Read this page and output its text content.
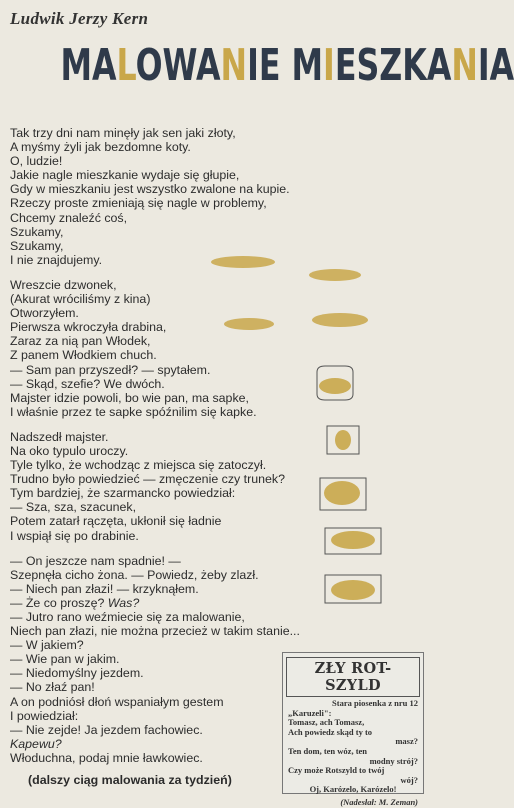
Ludwik Jerzy Kern
MALOWANIE MIESZKANIA
Tak trzy dni nam minęły jak sen jaki złoty,
A myśmy żyli jak bezdomne koty.
O, ludzie!
Jakie nagle mieszkanie wydaje się głupie,
Gdy w mieszkaniu jest wszystko zwalone na kupie.
Rzeczy proste zmieniają się nagle w problemy,
Chcemy znaleźć coś,
Szukamy,
Szukamy,
I nie znajdujemy.
Wreszcie dzwonek,
(Akurat wróciliśmy z kina)
Otworzyłem.
Pierwsza wkroczyła drabina,
Zaraz za nią pan Włodek,
Z panem Włodkiem chuch.
— Sam pan przyszedł? — spytałem.
— Skąd, szefie? We dwóch.
Majster idzie powoli, bo wie pan, ma sapke,
I właśnie przez te sapke spóźnilim się kapke.
Nadszedł majster.
Na oko typulo uroczy.
Tyle tylko, że wchodząc z miejsca się zatoczył.
Trudno było powiedzieć — zmęczenie czy trunek?
Tym bardziej, że szarmancko powiedział:
— Sza, sza, szacunek,
Potem zatarł rączęta, ukłonił się ładnie
I wspiął się po drabinie.
— On jeszcze nam spadnie! —
Szepnęła cicho żona. — Powiedz, żeby zlazł.
— Niech pan złazi! — krzyknąłem.
— Że co proszę? Was?
— Jutro rano weźmiecie się za malowanie,
Niech pan złazi, nie można przecież w takim stanie...
— W jakiem?
— Wie pan w jakim.
— Niedomyślny jezdem.
— No złaź pan!
A on podniósł dłoń wspaniałym gestem
I powiedział:
— Nie zejde! Ja jezdem fachowiec.
Kapewu?
Włoduchna, podaj mnie ławkowiec.
(dalszy ciąg malowania za tydzień)
ZŁY ROT-SZYLD
Stara piosenka z nru 12
„Karuzeli":
Tomasz, ach Tomasz,
Ach powiedz skąd ty to
masz?
Ten dom, ten wóz, ten
modny strój?
Czy może Rotszyld to twój
wój?
Oj, Karózelo, Karózelo!
(Nadesłał: M. Zeman)
